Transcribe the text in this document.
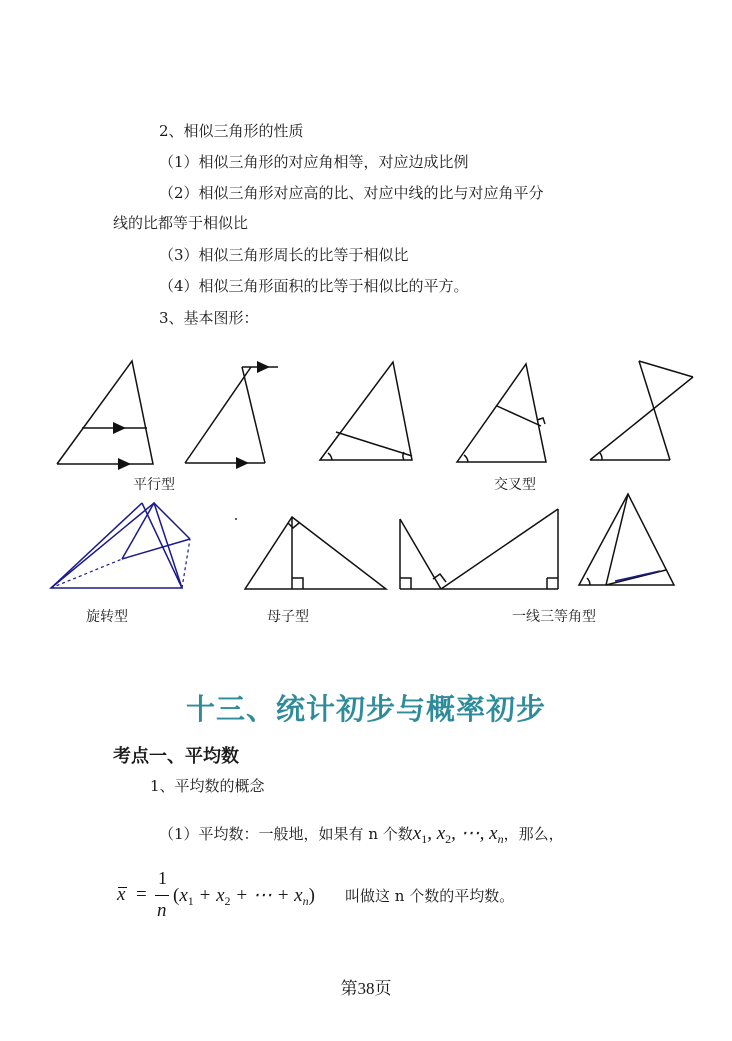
2、相似三角形的性质
（1）相似三角形的对应角相等，对应边成比例
（2）相似三角形对应高的比、对应中线的比与对应角平分
线的比都等于相似比
（3）相似三角形周长的比等于相似比
（4）相似三角形面积的比等于相似比的平方。
3、基本图形：
平行型	交叉型
旋转型	母子型	一线三等角型
十三、统计初步与概率初步
考点一、平均数
1、平均数的概念
（1）平均数：一般地，如果有 n 个数$x_1$, $x_2$, ⋯, $x_n$，那么，
x =
1
n
($x_1 + x_2$ + ⋯ + $x_n$) 叫做这 n 个数的平均数。
第38页
